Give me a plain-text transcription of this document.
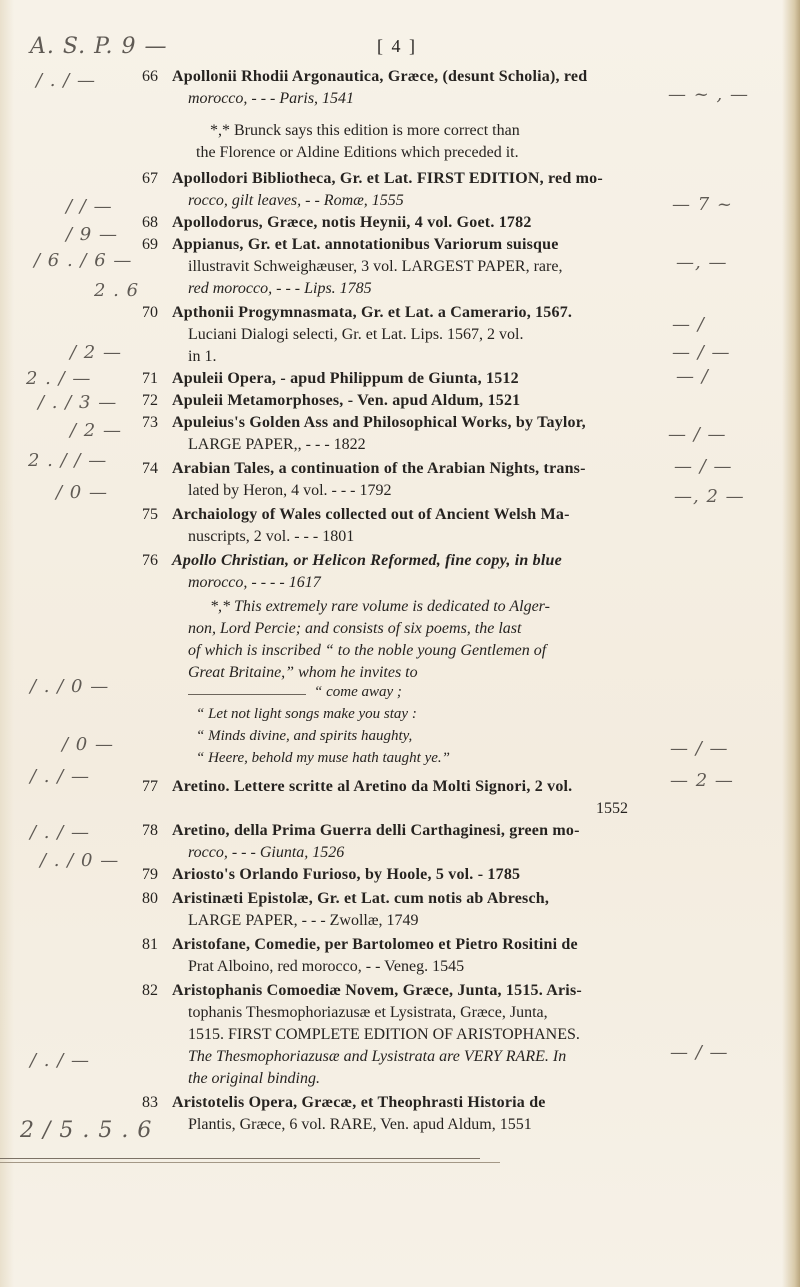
[ 4 ]
A. S. P. 9 —
2 / 5 . 5 . 6
/ . / —
/ / —
/ 9 —
/ 6 . / 6 —
2 . 6
/ 2 —
2 . / —
/ . / 3 —
/ 2 —
2 . / / —
/ 0 —
/ . / 0 —
/ 0 —
/ . / —
/ . / —
/ . / 0 —
/ . / —
— ~ , —
— 7 ~
—, —
— /
— / —
— /
— / —
— / —
—, 2 —
— / —
— 2 —
— / —
66 Apollonii Rhodii Argonautica, Græce, (desunt Scholia), red
morocco, - - - Paris, 1541
*,* Brunck says this edition is more correct than
the Florence or Aldine Editions which preceded it.
67 Apollodori Bibliotheca, Gr. et Lat. FIRST EDITION, red mo-
rocco, gilt leaves, - - Romæ, 1555
68 Apollodorus, Græce, notis Heynii, 4 vol. Goet. 1782
69 Appianus, Gr. et Lat. annotationibus Variorum suisque
illustravit Schweighæuser, 3 vol. LARGEST PAPER, rare,
red morocco, - - - Lips. 1785
70 Apthonii Progymnasmata, Gr. et Lat. a Camerario, 1567.
Luciani Dialogi selecti, Gr. et Lat. Lips. 1567, 2 vol.
in 1.
71 Apuleii Opera, - apud Philippum de Giunta, 1512
72 Apuleii Metamorphoses, - Ven. apud Aldum, 1521
73 Apuleius's Golden Ass and Philosophical Works, by Taylor,
LARGE PAPER,, - - - 1822
74 Arabian Tales, a continuation of the Arabian Nights, trans-
lated by Heron, 4 vol. - - - 1792
75 Archaiology of Wales collected out of Ancient Welsh Ma-
nuscripts, 2 vol. - - - 1801
76 Apollo Christian, or Helicon Reformed, fine copy, in blue
morocco, - - - - 1617
*,* This extremely rare volume is dedicated to Alger-
non, Lord Percie; and consists of six poems, the last
of which is inscribed “ to the noble young Gentlemen of
Great Britaine,” whom he invites to
“ come away ;
“ Let not light songs make you stay :
“ Minds divine, and spirits haughty,
“ Heere, behold my muse hath taught ye.”
77 Aretino. Lettere scritte al Aretino da Molti Signori, 2 vol.
1552
78 Aretino, della Prima Guerra delli Carthaginesi, green mo-
rocco, - - - Giunta, 1526
79 Ariosto's Orlando Furioso, by Hoole, 5 vol. - 1785
80 Aristinæti Epistolæ, Gr. et Lat. cum notis ab Abresch,
LARGE PAPER, - - - Zwollæ, 1749
81 Aristofane, Comedie, per Bartolomeo et Pietro Rositini de
Prat Alboino, red morocco, - - Veneg. 1545
82 Aristophanis Comoediæ Novem, Græce, Junta, 1515. Aris-
tophanis Thesmophoriazusæ et Lysistrata, Græce, Junta,
1515. FIRST COMPLETE EDITION OF ARISTOPHANES.
The Thesmophoriazusæ and Lysistrata are VERY RARE. In
the original binding.
83 Aristotelis Opera, Græcæ, et Theophrasti Historia de
Plantis, Græce, 6 vol. RARE, Ven. apud Aldum, 1551
